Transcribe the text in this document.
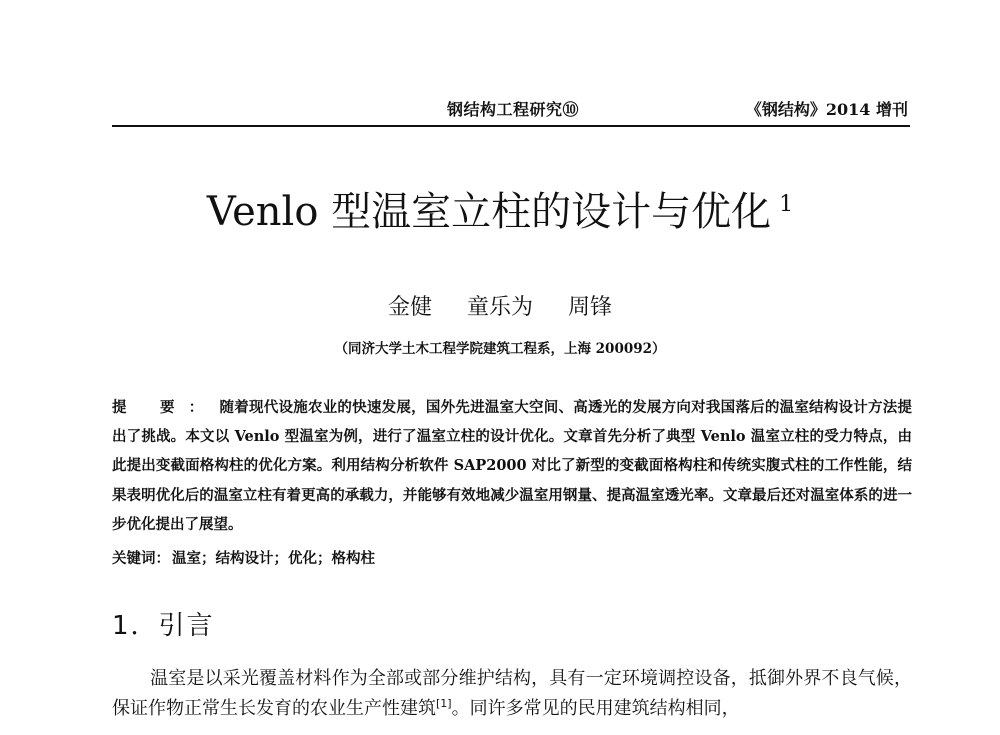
钢结构工程研究⑩	《钢结构》2014 增刊
Venlo 型温室立柱的设计与优化 $^1$
金健 童乐为 周锋
（同济大学土木工程学院建筑工程系，上海 200092）
提 要： 随着现代设施农业的快速发展，国外先进温室大空间、高透光的发展方向对我国落后的温室结构设计方法提出了挑战。本文以 Venlo 型温室为例，进行了温室立柱的设计优化。文章首先分析了典型 Venlo 温室立柱的受力特点，由此提出变截面格构柱的优化方案。利用结构分析软件 SAP2000 对比了新型的变截面格构柱和传统实腹式柱的工作性能，结果表明优化后的温室立柱有着更高的承载力，并能够有效地减少温室用钢量、提高温室透光率。文章最后还对温室体系的进一步优化提出了展望。
关键词： 温室；结构设计；优化；格构柱
1．引言
温室是以采光覆盖材料作为全部或部分维护结构，具有一定环境调控设备，抵御外界不良气候，保证作物正常生长发育的农业生产性建筑[1]。同许多常见的民用建筑结构相同，
